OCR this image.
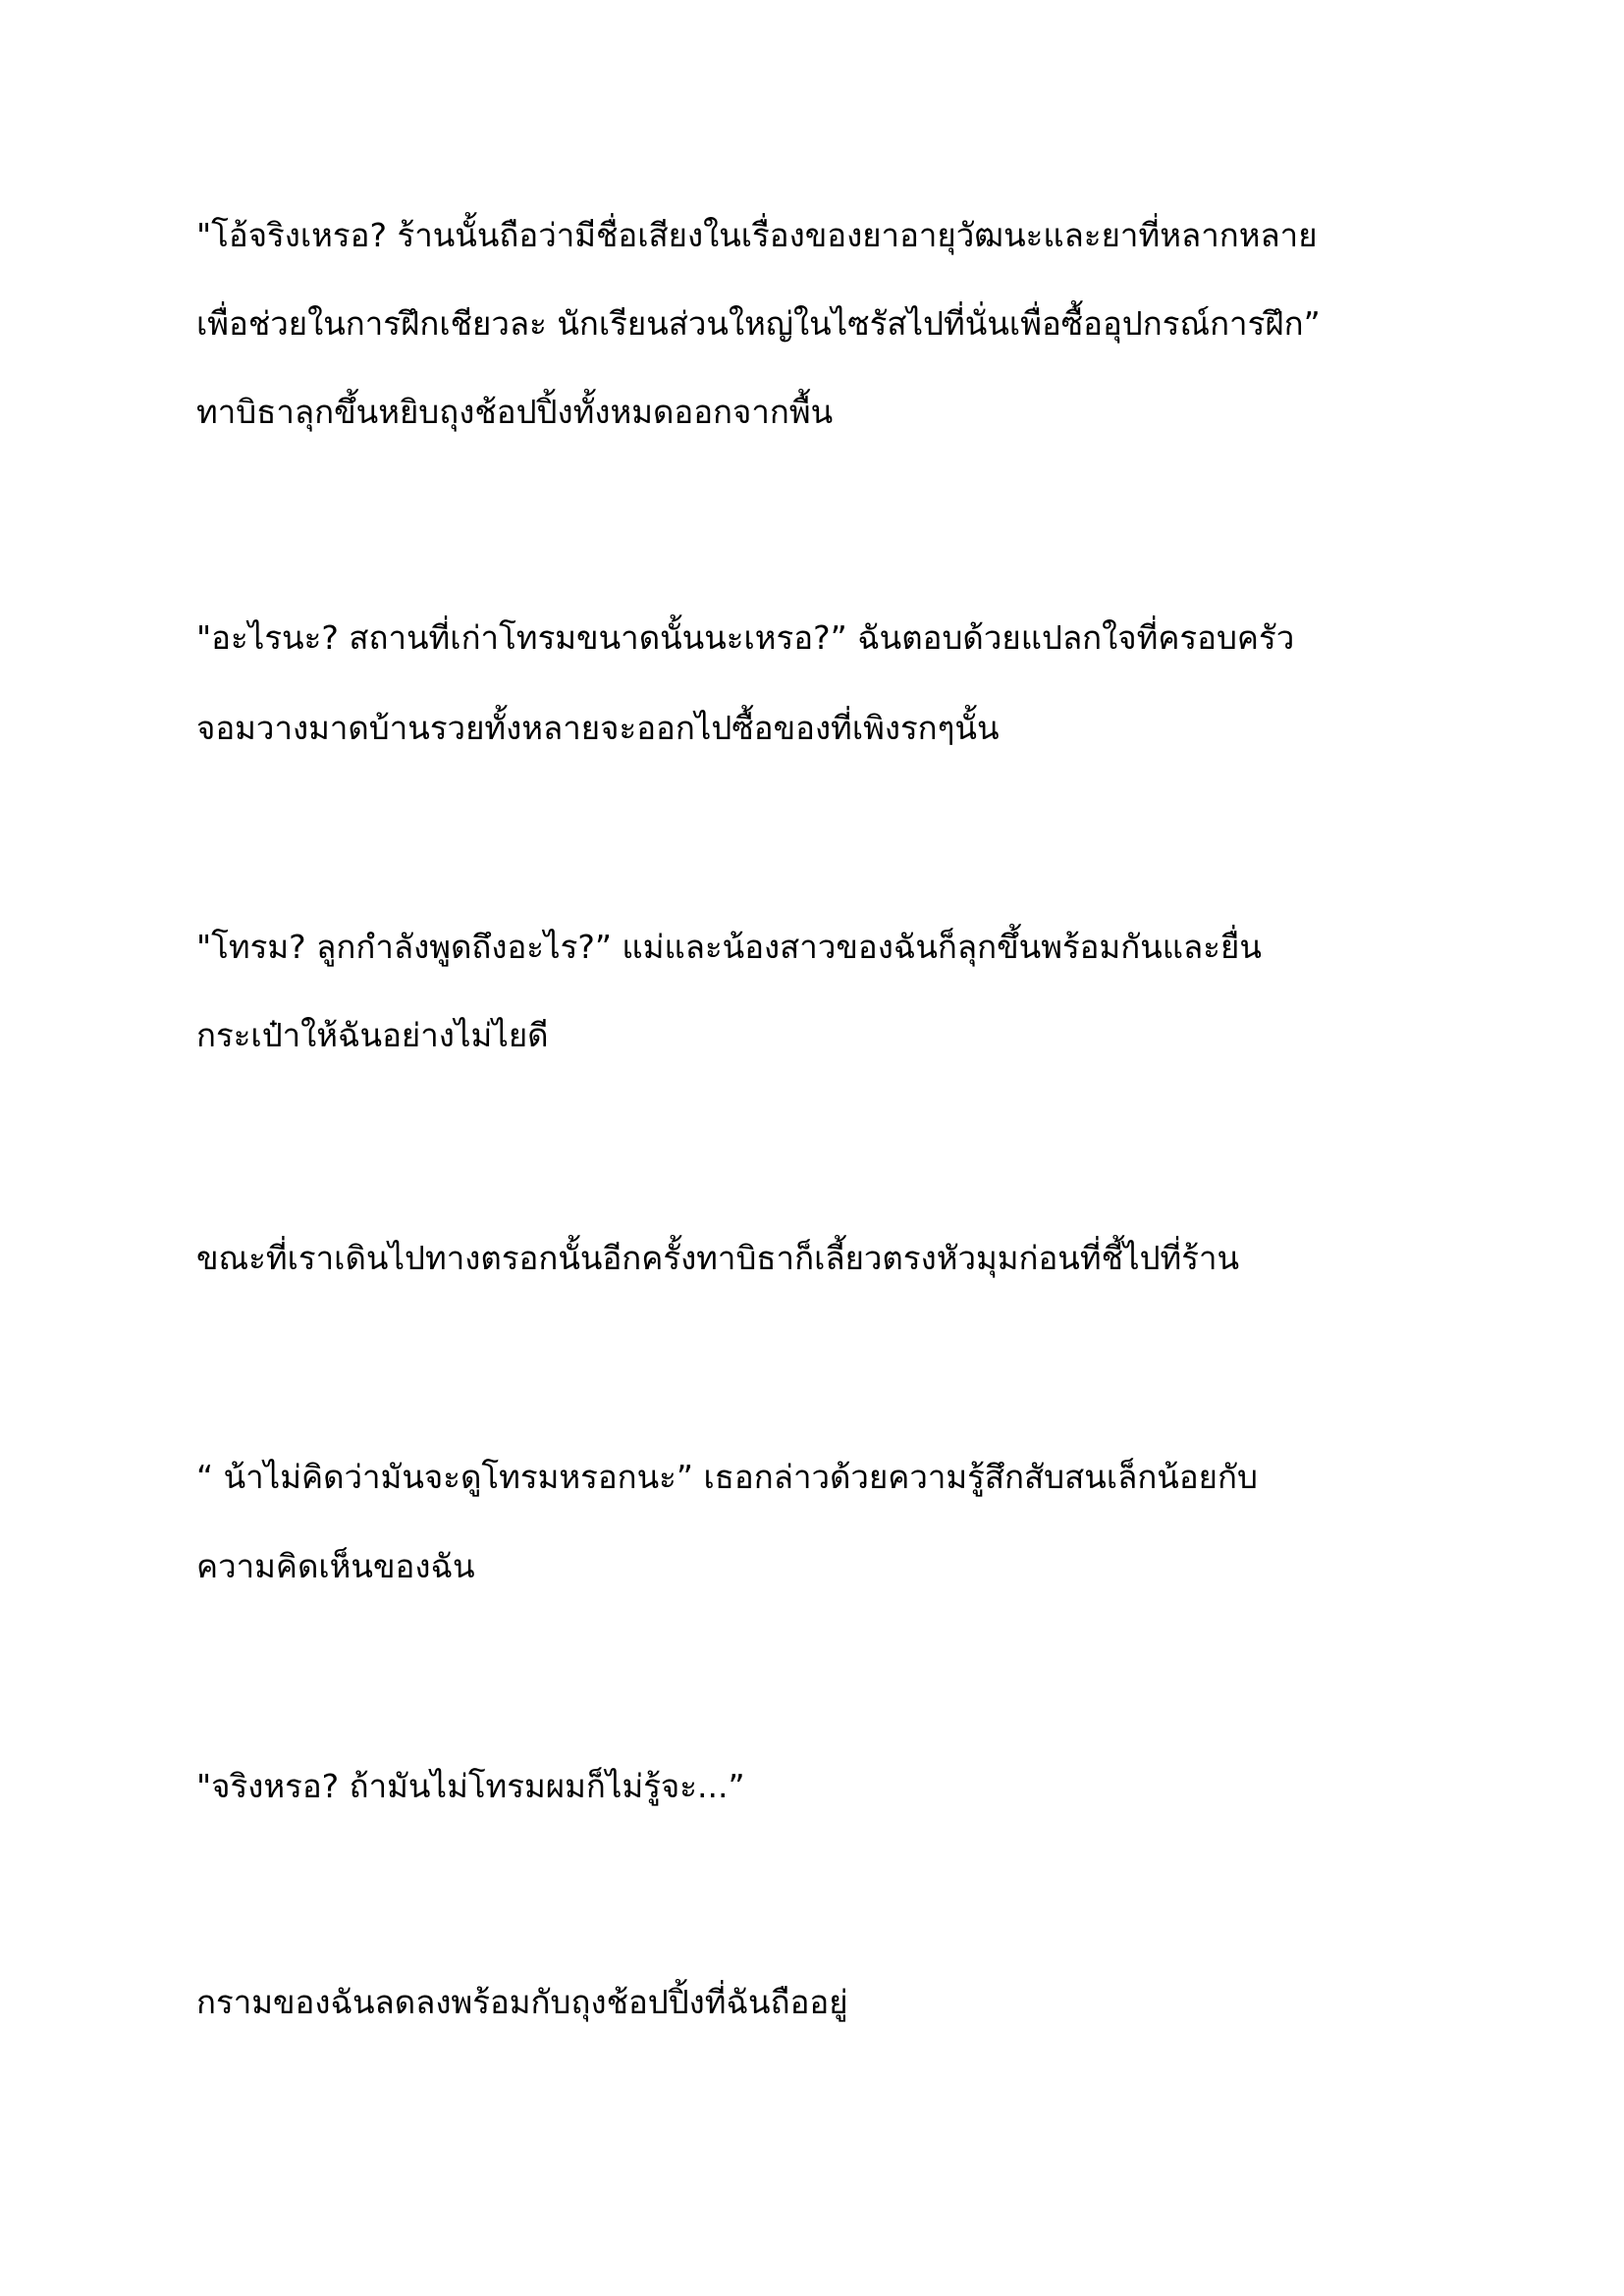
"โอ้จริงเหรอ? ร้านนั้นถือว่ามีชื่อเสียงในเรื่องของยาอายุวัฒนะและยาที่หลากหลาย

เพื่อช่วยในการฝึกเชียวละ นักเรียนส่วนใหญ่ในไซรัสไปที่นั่นเพื่อซื้ออุปกรณ์การฝึก”

ทาบิธาลุกขึ้นหยิบถุงช้อปปิ้งทั้งหมดออกจากพื้น

"อะไรนะ? สถานที่เก่าโทรมขนาดนั้นนะเหรอ?” ฉันตอบด้วยแปลกใจที่ครอบครัว

จอมวางมาดบ้านรวยทั้งหลายจะออกไปซื้อของที่เพิงรกๆนั้น

"โทรม? ลูกกำลังพูดถึงอะไร?” แม่และน้องสาวของฉันก็ลุกขึ้นพร้อมกันและยื่น

กระเป๋าให้ฉันอย่างไม่ไยดี

ขณะที่เราเดินไปทางตรอกนั้นอีกครั้งทาบิธาก็เลี้ยวตรงหัวมุมก่อนที่ชี้ไปที่ร้าน

“ น้าไม่คิดว่ามันจะดูโทรมหรอกนะ” เธอกล่าวด้วยความรู้สึกสับสนเล็กน้อยกับ

ความคิดเห็นของฉัน

"จริงหรอ? ถ้ามันไม่โทรมผมก็ไม่รู้จะ...”

กรามของฉันลดลงพร้อมกับถุงช้อปปิ้งที่ฉันถืออยู่
